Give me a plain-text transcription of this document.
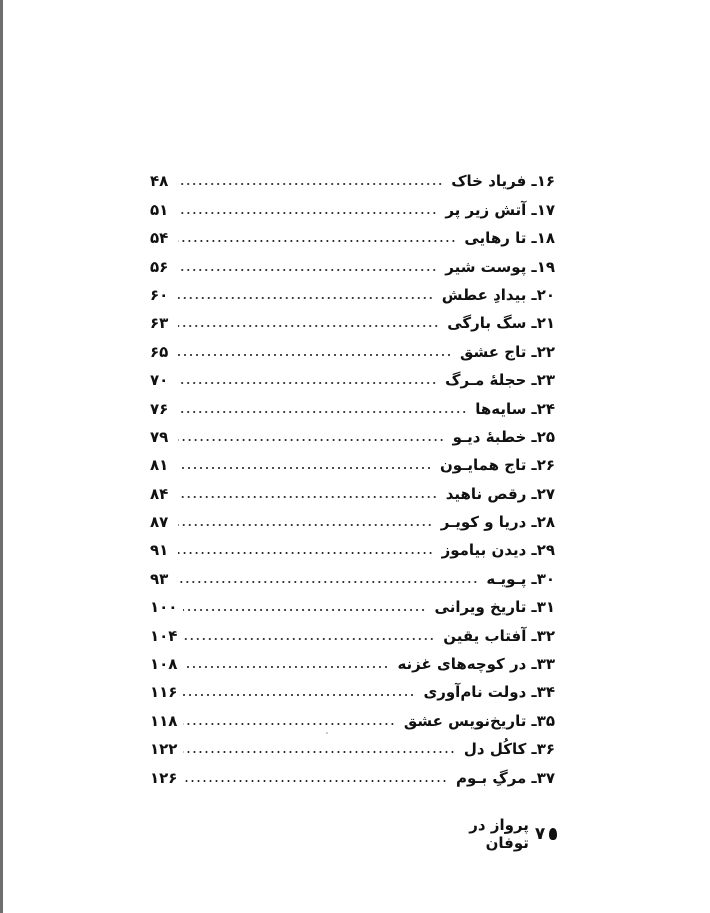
۱۶ـ فریاد خاک
۴۸
۱۷ـ آتش زیر پر
۵۱
۱۸ـ تا رهایی
۵۴
۱۹ـ پوست شیر
۵۶
۲۰ـ بیدادِ عطش
۶۰
۲۱ـ سگ بارگی
۶۳
۲۲ـ تاج عشق
۶۵
۲۳ـ حجلهٔ مـرگ
۷۰
۲۴ـ سایه‌ها
۷۶
۲۵ـ خطبهٔ دیـو
۷۹
۲۶ـ تاج همایـون
۸۱
۲۷ـ رقص ناهید
۸۴
۲۸ـ دریا و کویـر
۸۷
۲۹ـ دیدن بیاموز
۹۱
۳۰ـ پـویـه
۹۳
۳۱ـ تاریخ ویرانی
۱۰۰
۳۲ـ آفتاب یقین
۱۰۴
۳۳ـ در کوچه‌های غزنه
۱۰۸
۳۴ـ دولت نام‌آوری
۱۱۶
۳۵ـ تاریخ‌نویس عشق
۱۱۸
۳۶ـ کاکُل دل
۱۲۲
۳۷ـ مرگِ بـوم
۱۲۶
۷
پرواز در توفان
